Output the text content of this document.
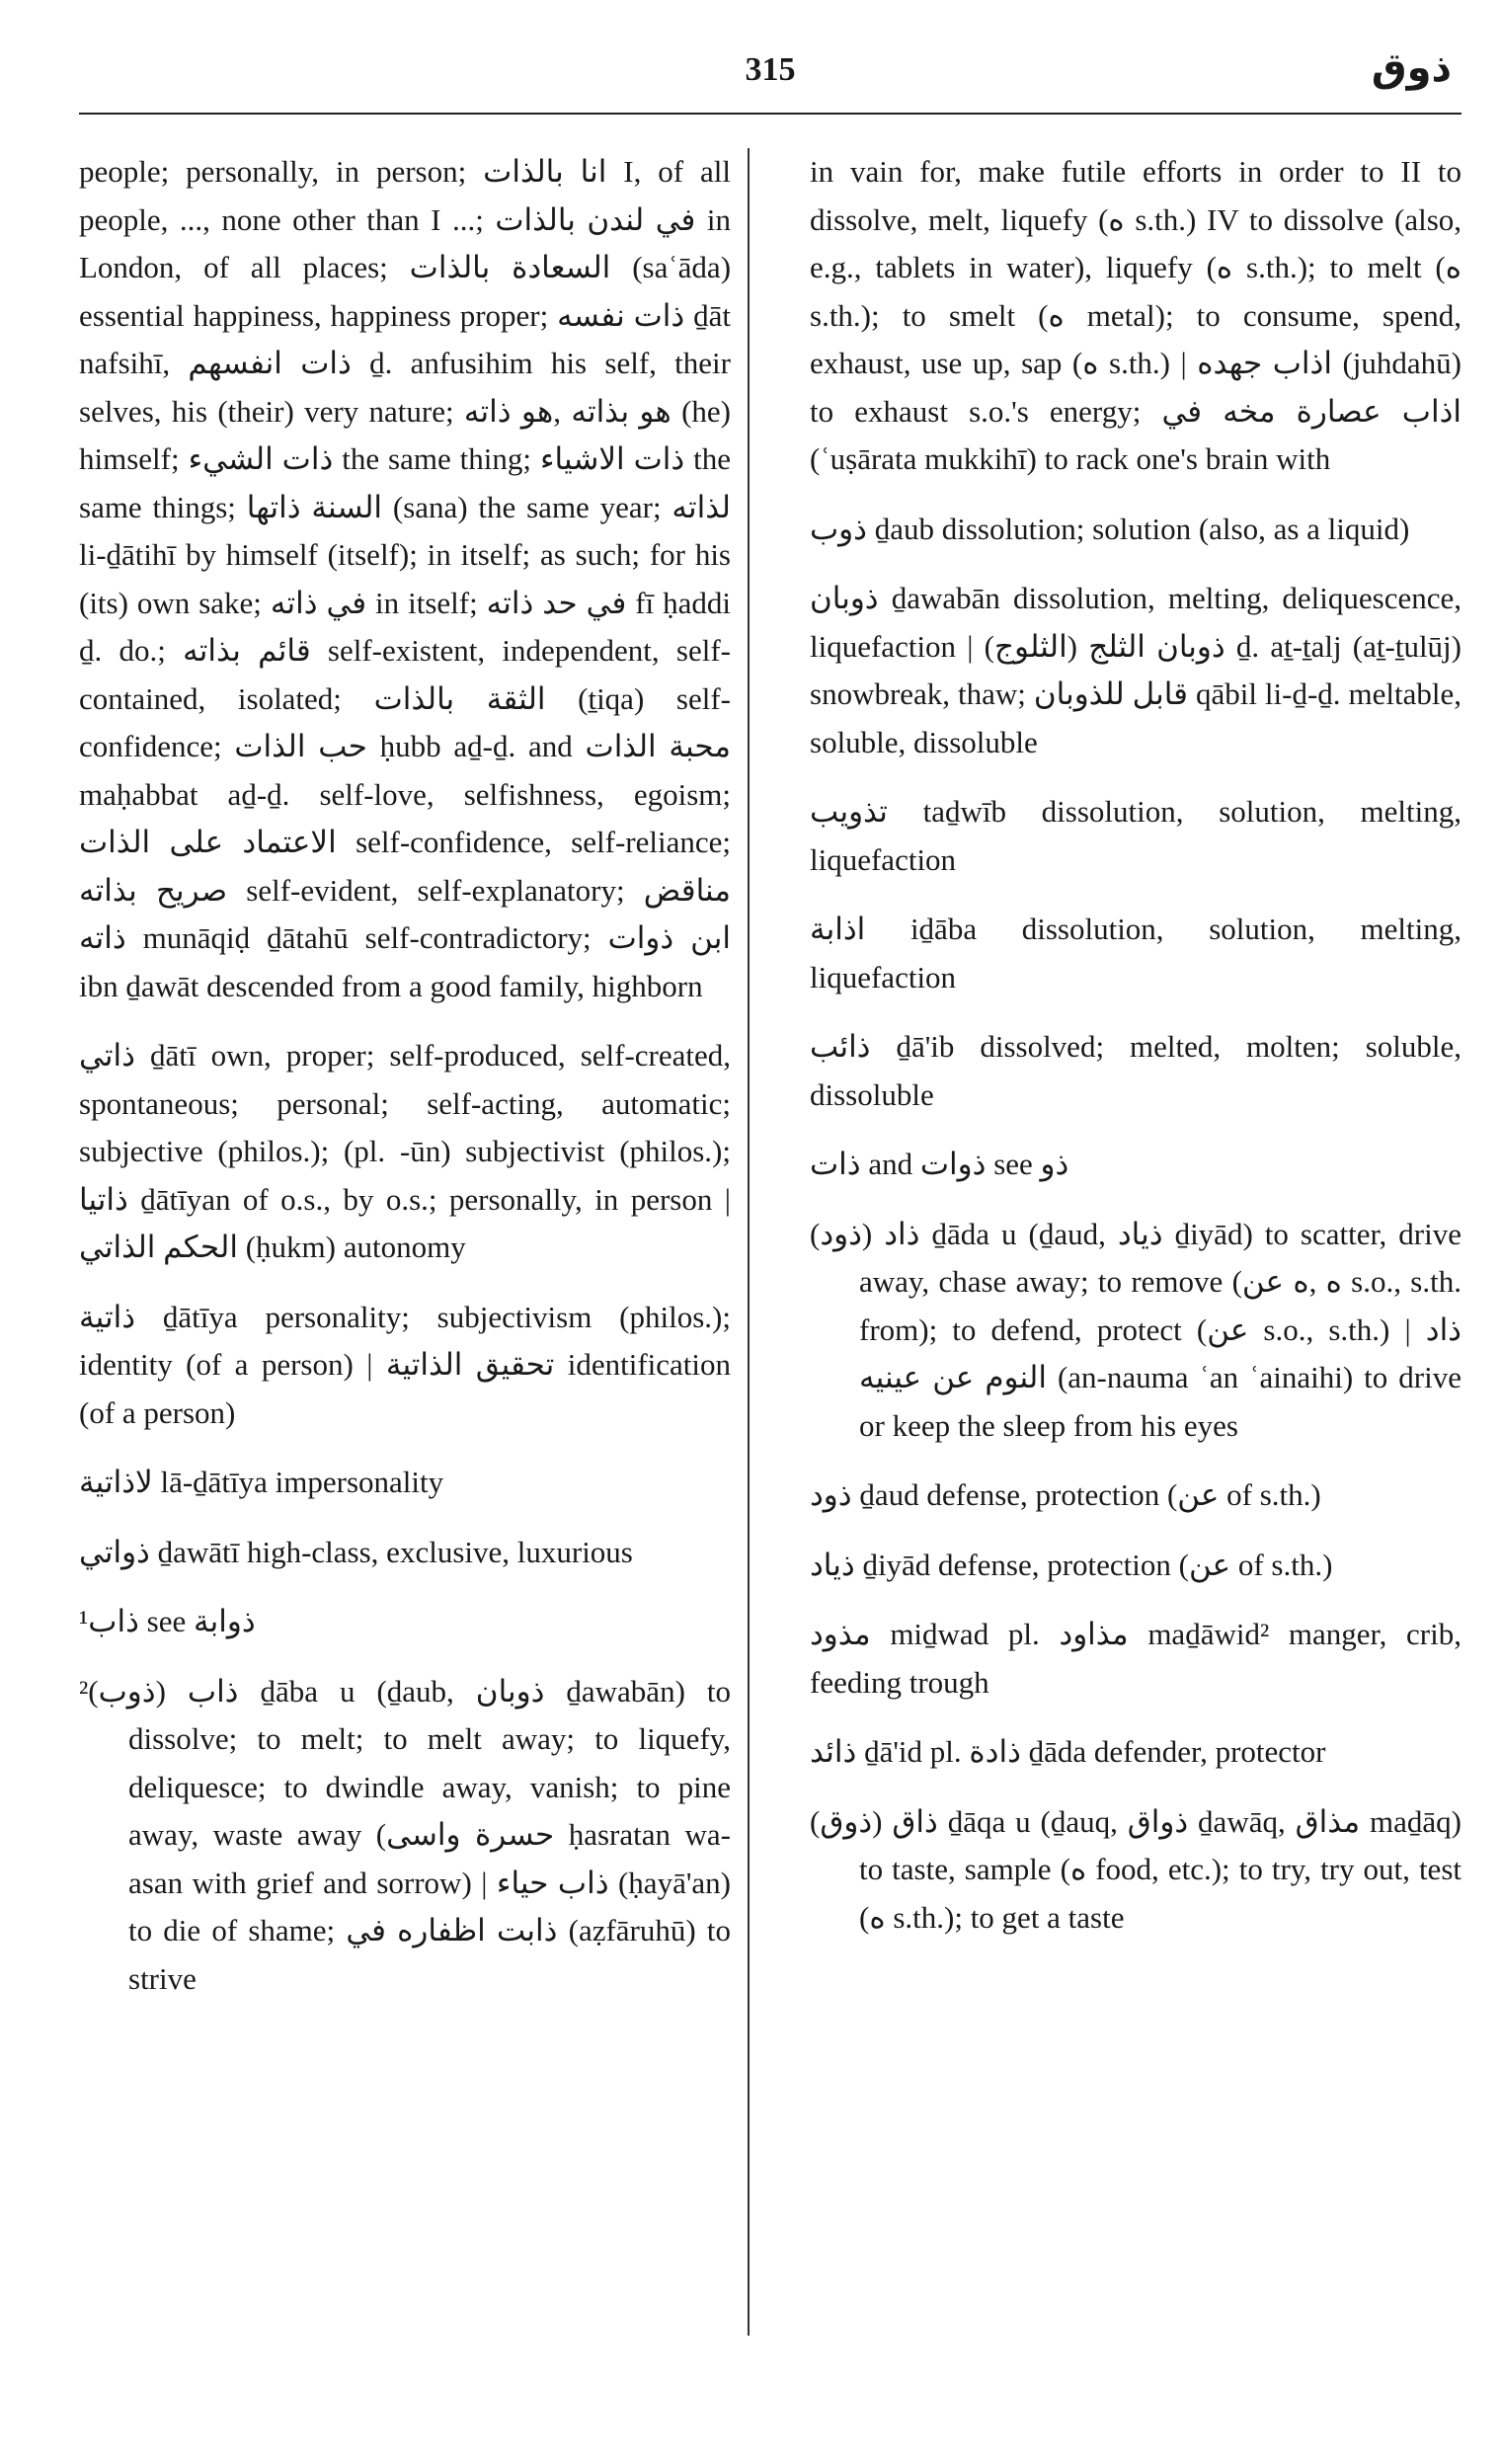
315	ذوق

people; personally, in person; انا بالذات I, of all people, ..., none other than I ...; في لندن بالذات in London, of all places; السعادة بالذات (saʿāda) essential happiness, happiness proper; ذات نفسه ḏāt nafsihī, ذات انفسهم ḏ. anfusihim his self, their selves, his (their) very nature; هو بذاته ,هو ذاته (he) himself; ذات الشيء the same thing; ذات الاشياء the same things; السنة ذاتها (sana) the same year; لذاته li-ḏātihī by himself (itself); in itself; as such; for his (its) own sake; في ذاته in itself; في حد ذاته fī ḥaddi ḏ. do.; قائم بذاته self-existent, independent, self-contained, isolated; الثقة بالذات (ṯiqa) self-confidence; حب الذات ḥubb aḏ-ḏ. and محبة الذات maḥabbat aḏ-ḏ. self-love, selfishness, egoism; الاعتماد على الذات self-confidence, self-reliance; صريح بذاته self-evident, self-explanatory; مناقض ذاته munāqiḍ ḏātahū self-contradictory; ابن ذوات ibn ḏawāt descended from a good family, highborn

ذاتي ḏātī own, proper; self-produced, self-created, spontaneous; personal; self-acting, automatic; subjective (philos.); (pl. -ūn) subjectivist (philos.); ذاتيا ḏātīyan of o.s., by o.s.; personally, in person | الحكم الذاتي (ḥukm) autonomy

ذاتية ḏātīya personality; subjectivism (philos.); identity (of a person) | تحقيق الذاتية identification (of a person)

لاذاتية lā-ḏātīya impersonality

ذواتي ḏawātī high-class, exclusive, luxurious

¹ذاب see ذوابة

²ذاب (ذوب) ḏāba u (ḏaub, ذوبان ḏawabān) to dissolve; to melt; to melt away; to liquefy, deliquesce; to dwindle away, vanish; to pine away, waste away (حسرة واسى ḥasratan wa-asan with grief and sorrow) | ذاب حياء (ḥayā'an) to die of shame; ذابت اظفاره في (aẓfāruhū) to strive

in vain for, make futile efforts in order to II to dissolve, melt, liquefy (ه s.th.) IV to dissolve (also, e.g., tablets in water), liquefy (ه s.th.); to melt (ه s.th.); to smelt (ه metal); to consume, spend, exhaust, use up, sap (ه s.th.) | اذاب جهده (juhdahū) to exhaust s.o.'s energy; اذاب عصارة مخه في (ʿuṣārata mukkihī) to rack one's brain with

ذوب ḏaub dissolution; solution (also, as a liquid)

ذوبان ḏawabān dissolution, melting, deliquescence, liquefaction | ذوبان الثلج (الثلوج) ḏ. aṯ-ṯalj (aṯ-ṯulūj) snowbreak, thaw; قابل للذوبان qābil li-ḏ-ḏ. meltable, soluble, dissoluble

تذويب taḏwīb dissolution, solution, melting, liquefaction

اذابة iḏāba dissolution, solution, melting, liquefaction

ذائب ḏā'ib dissolved; melted, molten; soluble, dissoluble

ذات and ذوات see ذو

ذاد (ذود) ḏāda u (ḏaud, ذياد ḏiyād) to scatter, drive away, chase away; to remove (ه ,ه عن s.o., s.th. from); to defend, protect (عن s.o., s.th.) | ذاد النوم عن عينيه (an-nauma ʿan ʿainaihi) to drive or keep the sleep from his eyes

ذود ḏaud defense, protection (عن of s.th.)

ذياد ḏiyād defense, protection (عن of s.th.)

مذود miḏwad pl. مذاود maḏāwid² manger, crib, feeding trough

ذائد ḏā'id pl. ذادة ḏāda defender, protector

ذاق (ذوق) ḏāqa u (ḏauq, ذواق ḏawāq, مذاق maḏāq) to taste, sample (ه food, etc.); to try, try out, test (ه s.th.); to get a taste
